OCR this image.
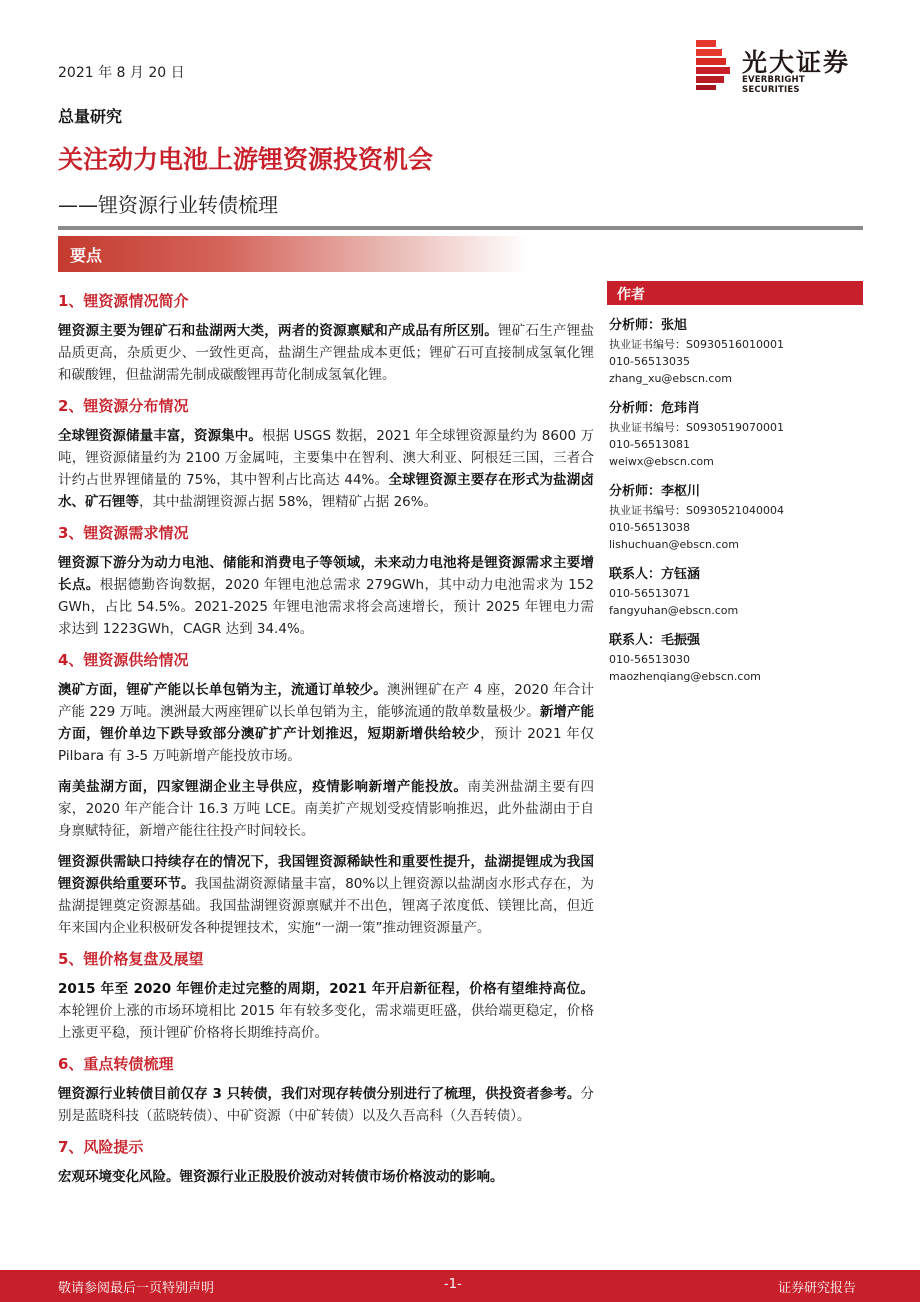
2021 年 8 月 20 日	光大证券
EVERBRIGHT SECURITIES
总量研究
关注动力电池上游锂资源投资机会
——锂资源行业转债梳理
要点
1、锂资源情况简介
锂资源主要为锂矿石和盐湖两大类，两者的资源禀赋和产成品有所区别。锂矿石生产锂盐品质更高，杂质更少、一致性更高，盐湖生产锂盐成本更低；锂矿石可直接制成氢氧化锂和碳酸锂，但盐湖需先制成碳酸锂再苛化制成氢氧化锂。
2、锂资源分布情况
全球锂资源储量丰富，资源集中。根据 USGS 数据，2021 年全球锂资源量约为 8600 万吨，锂资源储量约为 2100 万金属吨，主要集中在智利、澳大利亚、阿根廷三国，三者合计约占世界锂储量的 75%，其中智利占比高达 44%。全球锂资源主要存在形式为盐湖卤水、矿石锂等，其中盐湖锂资源占据 58%，锂精矿占据 26%。
3、锂资源需求情况
锂资源下游分为动力电池、储能和消费电子等领域，未来动力电池将是锂资源需求主要增长点。根据德勤咨询数据，2020 年锂电池总需求 279GWh，其中动力电池需求为 152 GWh，占比 54.5%。2021-2025 年锂电池需求将会高速增长，预计 2025 年锂电力需求达到 1223GWh，CAGR 达到 34.4%。
4、锂资源供给情况
澳矿方面，锂矿产能以长单包销为主，流通订单较少。澳洲锂矿在产 4 座，2020 年合计产能 229 万吨。澳洲最大两座锂矿以长单包销为主，能够流通的散单数量极少。新增产能方面，锂价单边下跌导致部分澳矿扩产计划推迟，短期新增供给较少，预计 2021 年仅 Pilbara 有 3-5 万吨新增产能投放市场。
南美盐湖方面，四家锂湖企业主导供应，疫情影响新增产能投放。南美洲盐湖主要有四家，2020 年产能合计 16.3 万吨 LCE。南美扩产规划受疫情影响推迟，此外盐湖由于自身禀赋特征，新增产能往往投产时间较长。
锂资源供需缺口持续存在的情况下，我国锂资源稀缺性和重要性提升，盐湖提锂成为我国锂资源供给重要环节。我国盐湖资源储量丰富，80%以上锂资源以盐湖卤水形式存在，为盐湖提锂奠定资源基础。我国盐湖锂资源禀赋并不出色，锂离子浓度低、镁锂比高，但近年来国内企业积极研发各种提锂技术，实施“一湖一策”推动锂资源量产。
5、锂价格复盘及展望
2015 年至 2020 年锂价走过完整的周期，2021 年开启新征程，价格有望维持高位。本轮锂价上涨的市场环境相比 2015 年有较多变化，需求端更旺盛，供给端更稳定，价格上涨更平稳，预计锂矿价格将长期维持高价。
6、重点转债梳理
锂资源行业转债目前仅存 3 只转债，我们对现存转债分别进行了梳理，供投资者参考。分别是蓝晓科技（蓝晓转债）、中矿资源（中矿转债）以及久吾高科（久吾转债）。
7、风险提示
宏观环境变化风险。锂资源行业正股股价波动对转债市场价格波动的影响。
作者
分析师：张旭
执业证书编号：S0930516010001
010-56513035
zhang_xu@ebscn.com
分析师：危玮肖
执业证书编号：S0930519070001
010-56513081
weiwx@ebscn.com
分析师：李枢川
执业证书编号：S0930521040004
010-56513038
lishuchuan@ebscn.com
联系人：方钰涵
010-56513071
fangyuhan@ebscn.com
联系人：毛振强
010-56513030
maozhenqiang@ebscn.com
敬请参阅最后一页特别声明	-1-	证券研究报告
